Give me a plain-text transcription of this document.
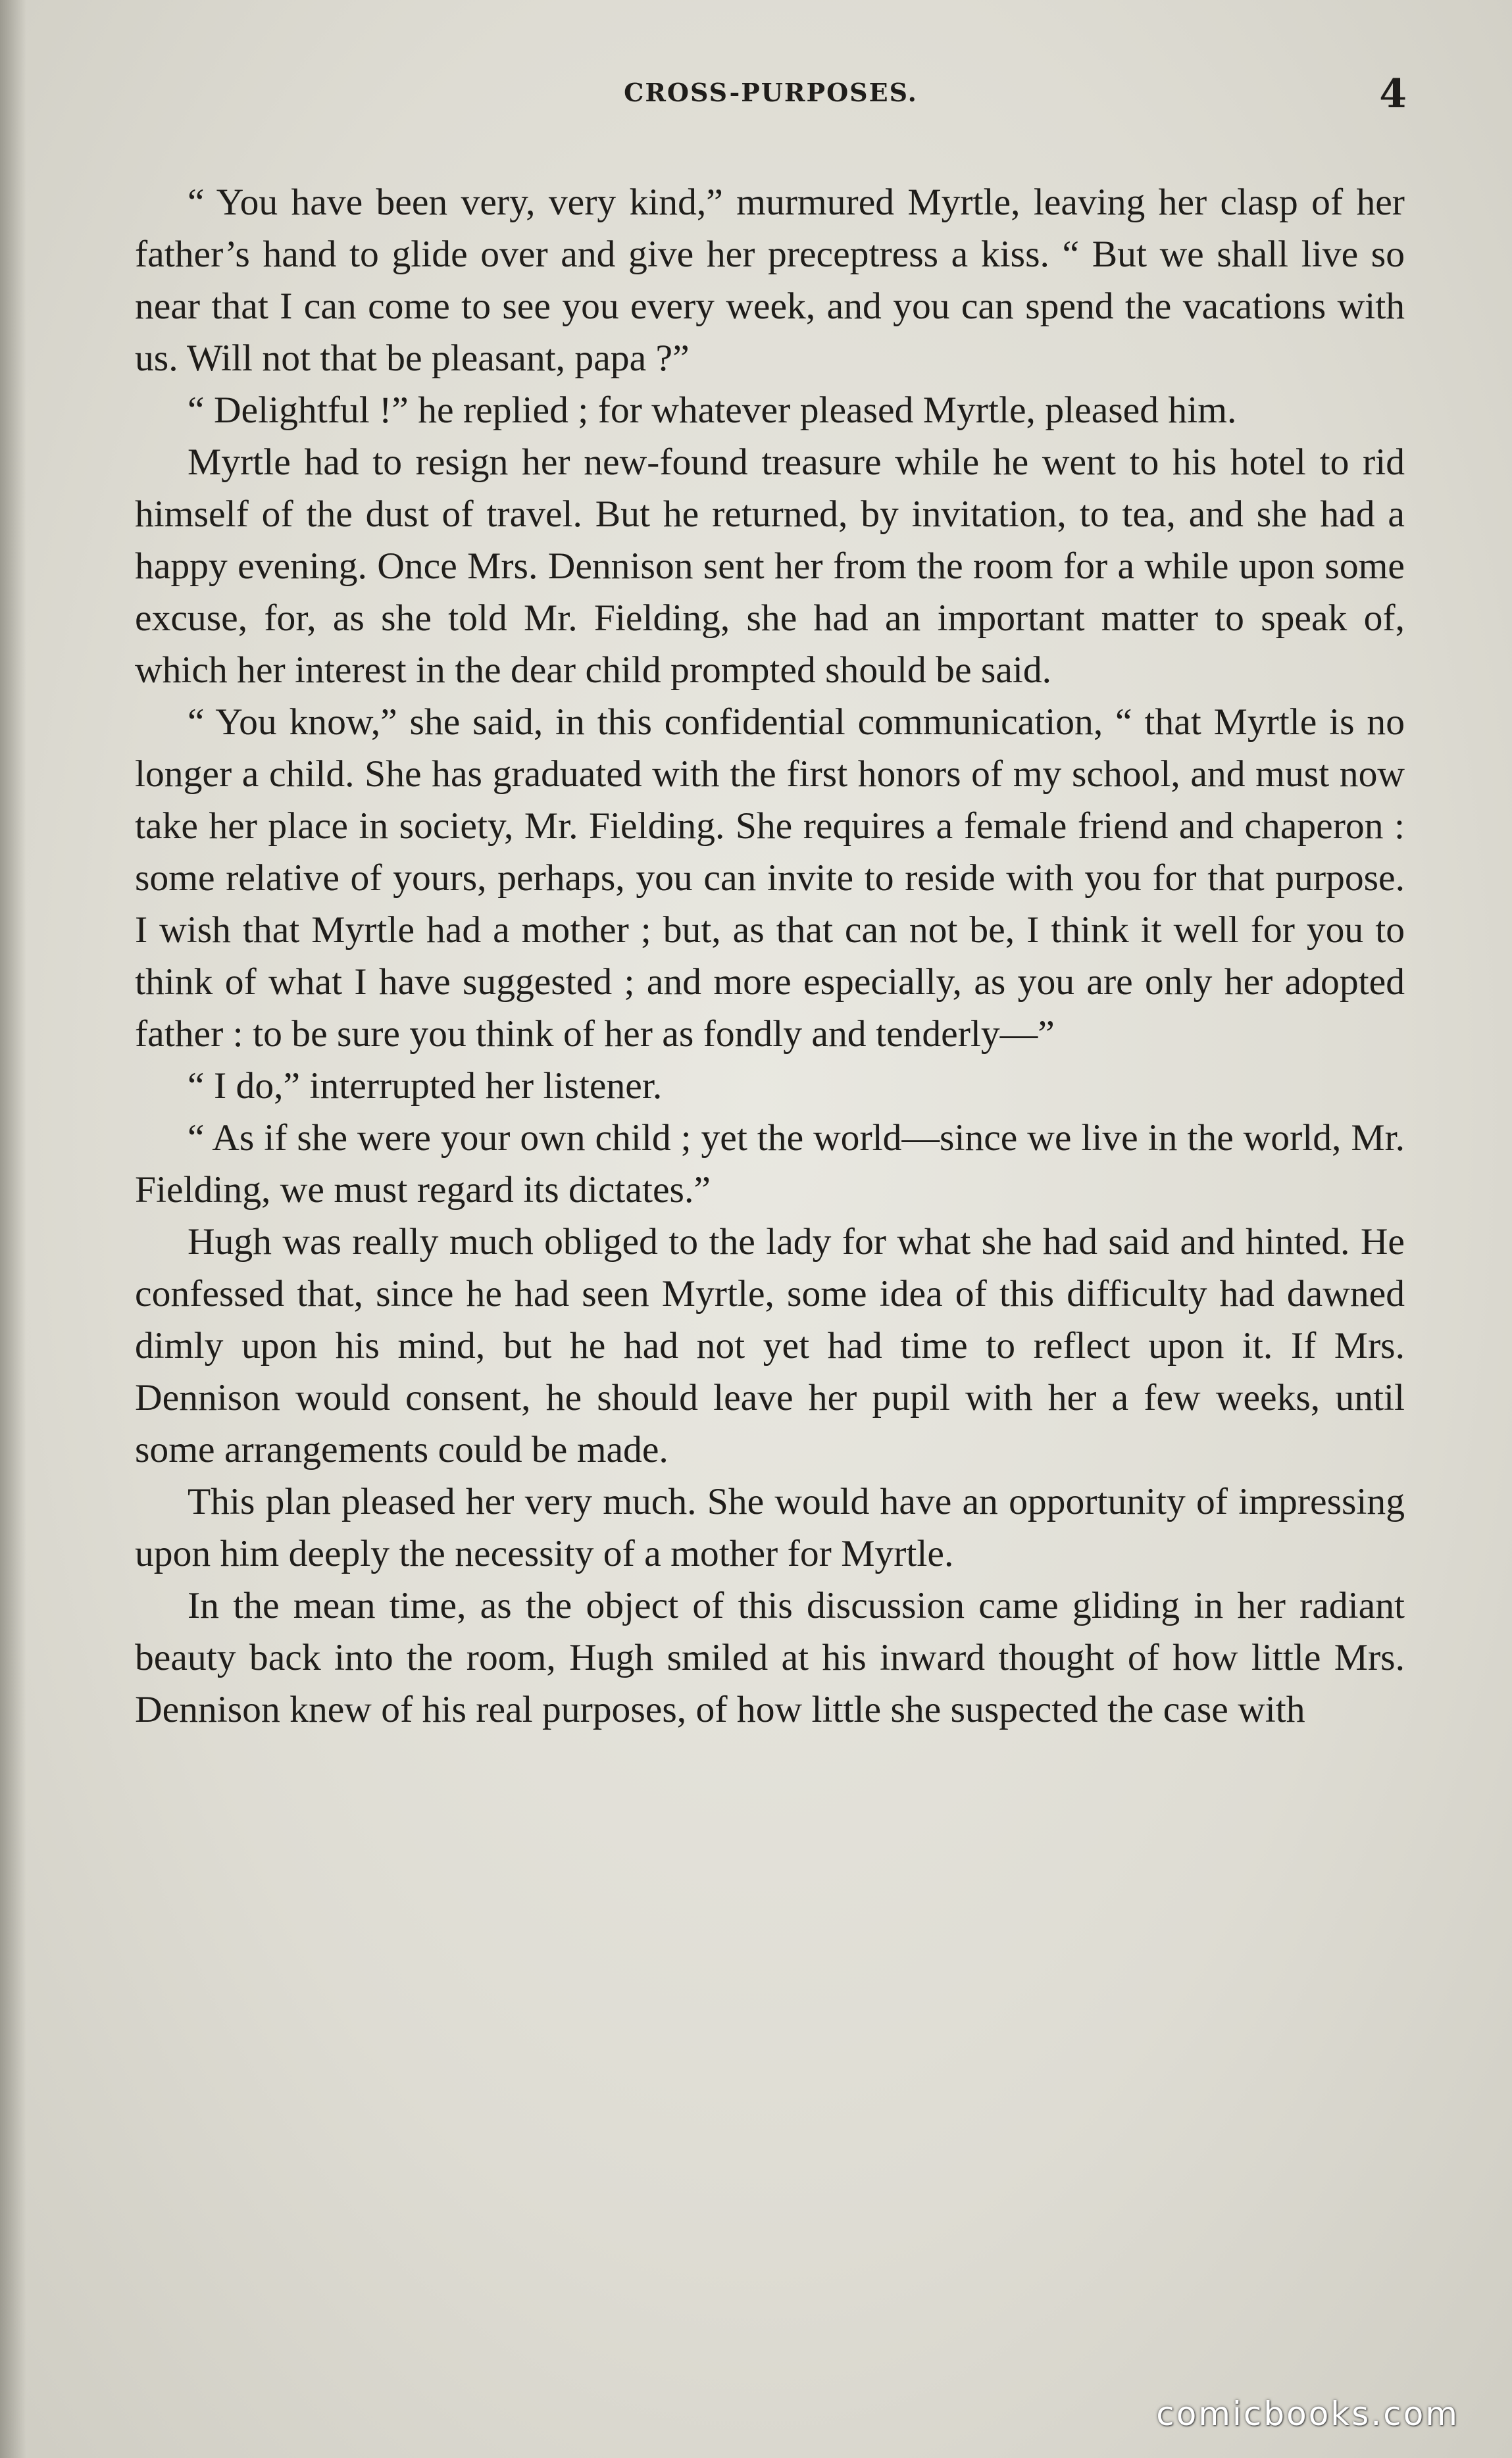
CROSS-PURPOSES.	4

“ You have been very, very kind,” murmured Myrtle, leaving her clasp of her father’s hand to glide over and give her preceptress a kiss. “ But we shall live so near that I can come to see you every week, and you can spend the vacations with us. Will not that be pleasant, papa ?”

“ Delightful !” he replied ; for whatever pleased Myrtle, pleased him.

Myrtle had to resign her new-found treasure while he went to his hotel to rid himself of the dust of travel. But he returned, by invitation, to tea, and she had a happy evening. Once Mrs. Dennison sent her from the room for a while upon some excuse, for, as she told Mr. Fielding, she had an important matter to speak of, which her interest in the dear child prompted should be said.

“ You know,” she said, in this confidential communication, “ that Myrtle is no longer a child. She has graduated with the first honors of my school, and must now take her place in society, Mr. Fielding. She requires a female friend and chaperon : some relative of yours, perhaps, you can invite to reside with you for that purpose. I wish that Myrtle had a mother ; but, as that can not be, I think it well for you to think of what I have suggested ; and more especially, as you are only her adopted father : to be sure you think of her as fondly and tenderly—”

“ I do,” interrupted her listener.

“ As if she were your own child ; yet the world—since we live in the world, Mr. Fielding, we must regard its dictates.”

Hugh was really much obliged to the lady for what she had said and hinted. He confessed that, since he had seen Myrtle, some idea of this difficulty had dawned dimly upon his mind, but he had not yet had time to reflect upon it. If Mrs. Dennison would consent, he should leave her pupil with her a few weeks, until some arrangements could be made.

This plan pleased her very much. She would have an opportunity of impressing upon him deeply the necessity of a mother for Myrtle.

In the mean time, as the object of this discussion came gliding in her radiant beauty back into the room, Hugh smiled at his inward thought of how little Mrs. Dennison knew of his real purposes, of how little she suspected the case with

comicbooks.com
